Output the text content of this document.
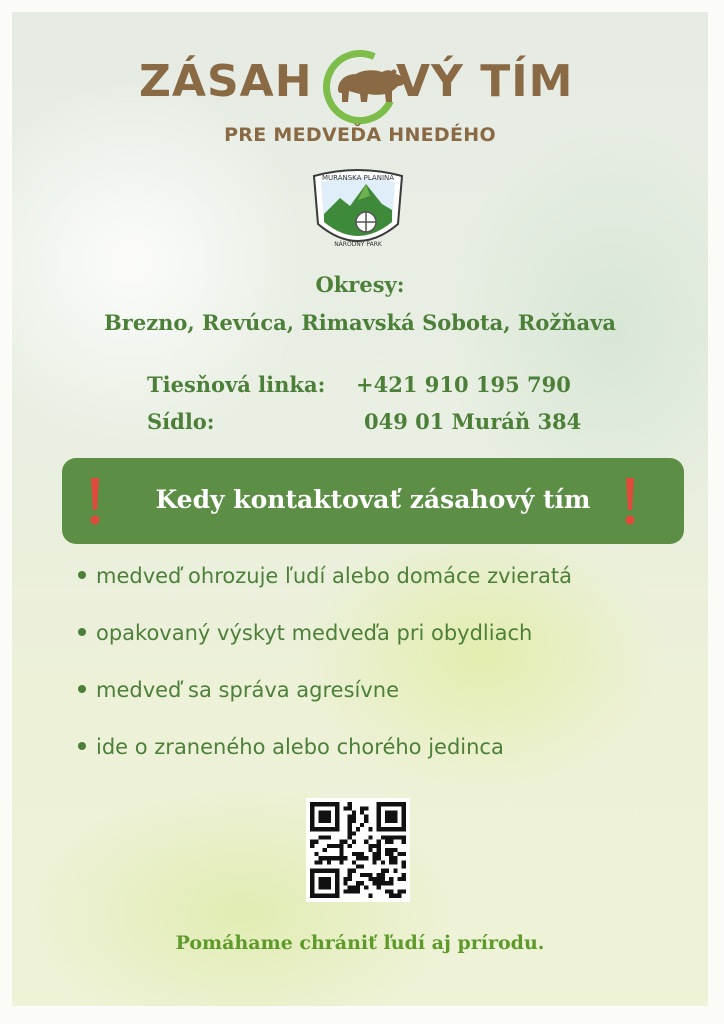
ZÁSAH VÝ TÍM
PRE MEDVEĎA HNEDÉHO
MURÁNSKA PLANINA
NÁRODNÝ PARK
Okresy:
Brezno, Revúca, Rimavská Sobota, Rožňava
Tiesňová linka: +421 910 195 790
Sídlo:	049 01 Muráň 384
Kedy kontaktovať zásahový tím
medveď ohrozuje ľudí alebo domáce zvieratá
opakovaný výskyt medveďa pri obydliach
medveď sa správa agresívne
ide o zraneného alebo chorého jedinca
Pomáhame chrániť ľudí aj prírodu.
